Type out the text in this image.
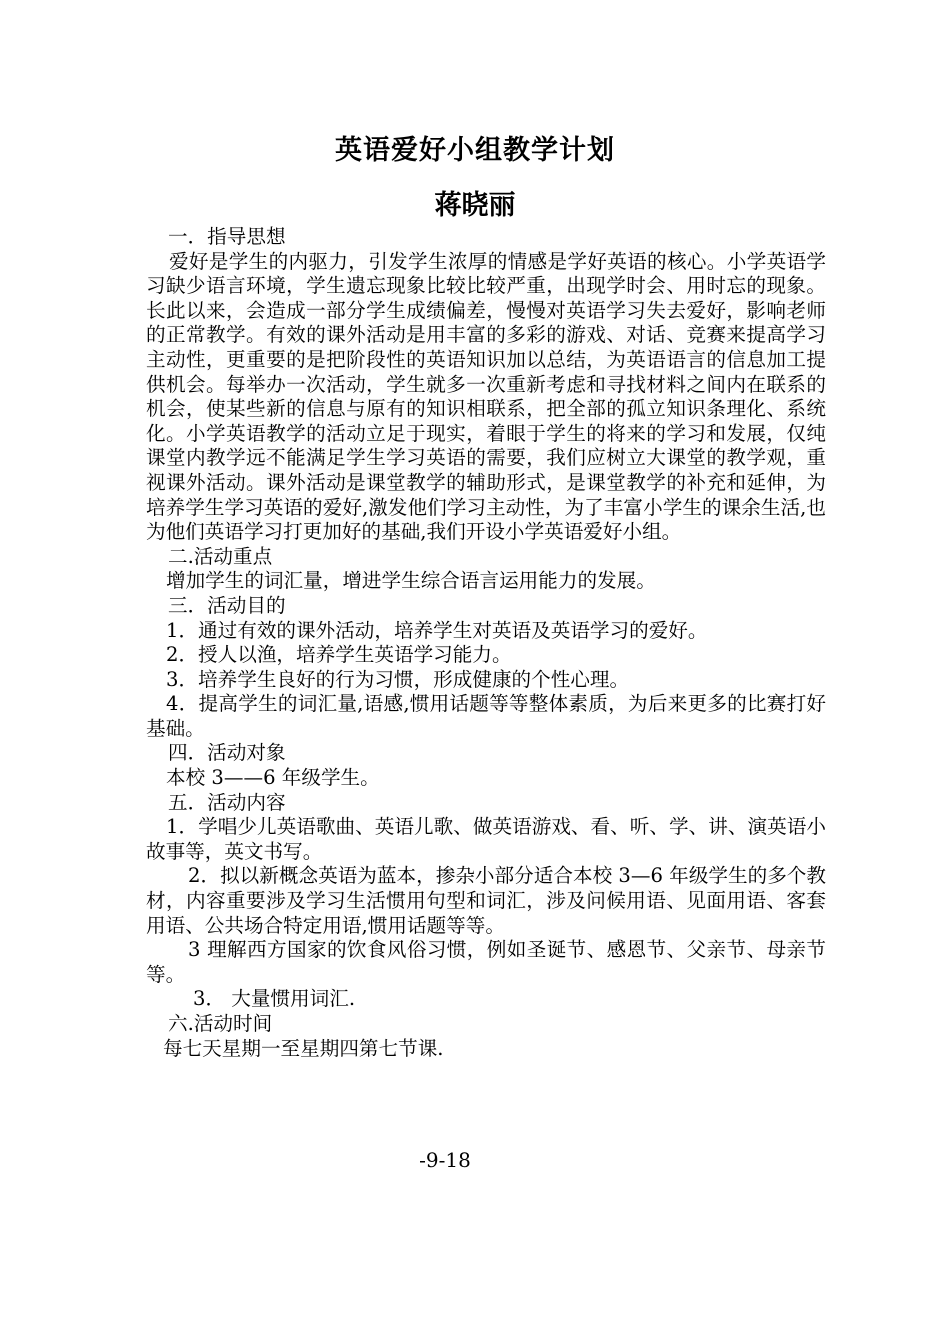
英语爱好小组教学计划
蒋晓丽

一．指导思想

爱好是学生的内驱力，引发学生浓厚的情感是学好英语的核心。小学英语学习缺少语言环境，学生遗忘现象比较比较严重，出现学时会、用时忘的现象。长此以来，会造成一部分学生成绩偏差，慢慢对英语学习失去爱好，影响老师的正常教学。有效的课外活动是用丰富的多彩的游戏、对话、竞赛来提高学习主动性，更重要的是把阶段性的英语知识加以总结，为英语语言的信息加工提供机会。每举办一次活动，学生就多一次重新考虑和寻找材料之间内在联系的机会，使某些新的信息与原有的知识相联系，把全部的孤立知识条理化、系统化。小学英语教学的活动立足于现实，着眼于学生的将来的学习和发展，仅纯课堂内教学远不能满足学生学习英语的需要，我们应树立大课堂的教学观，重视课外活动。课外活动是课堂教学的辅助形式，是课堂教学的补充和延伸，为培养学生学习英语的爱好,激发他们学习主动性，为了丰富小学生的课余生活,也为他们英语学习打更加好的基础,我们开设小学英语爱好小组。

二.活动重点

增加学生的词汇量，增进学生综合语言运用能力的发展。

三．活动目的

1．通过有效的课外活动，培养学生对英语及英语学习的爱好。

2．授人以渔，培养学生英语学习能力。

3．培养学生良好的行为习惯，形成健康的个性心理。

4．提高学生的词汇量,语感,惯用话题等等整体素质，为后来更多的比赛打好基础。

四．活动对象

本校 3——6 年级学生。

五．活动内容

1．学唱少儿英语歌曲、英语儿歌、做英语游戏、看、听、学、讲、演英语小故事等，英文书写。

2．拟以新概念英语为蓝本，掺杂小部分适合本校 3—6 年级学生的多个教材，内容重要涉及学习生活惯用句型和词汇，涉及问候用语、见面用语、客套用语、公共场合特定用语,惯用话题等等。

3 理解西方国家的饮食风俗习惯，例如圣诞节、感恩节、父亲节、母亲节等。

3． 大量惯用词汇.

六.活动时间

每七天星期一至星期四第七节课.

-9-18
